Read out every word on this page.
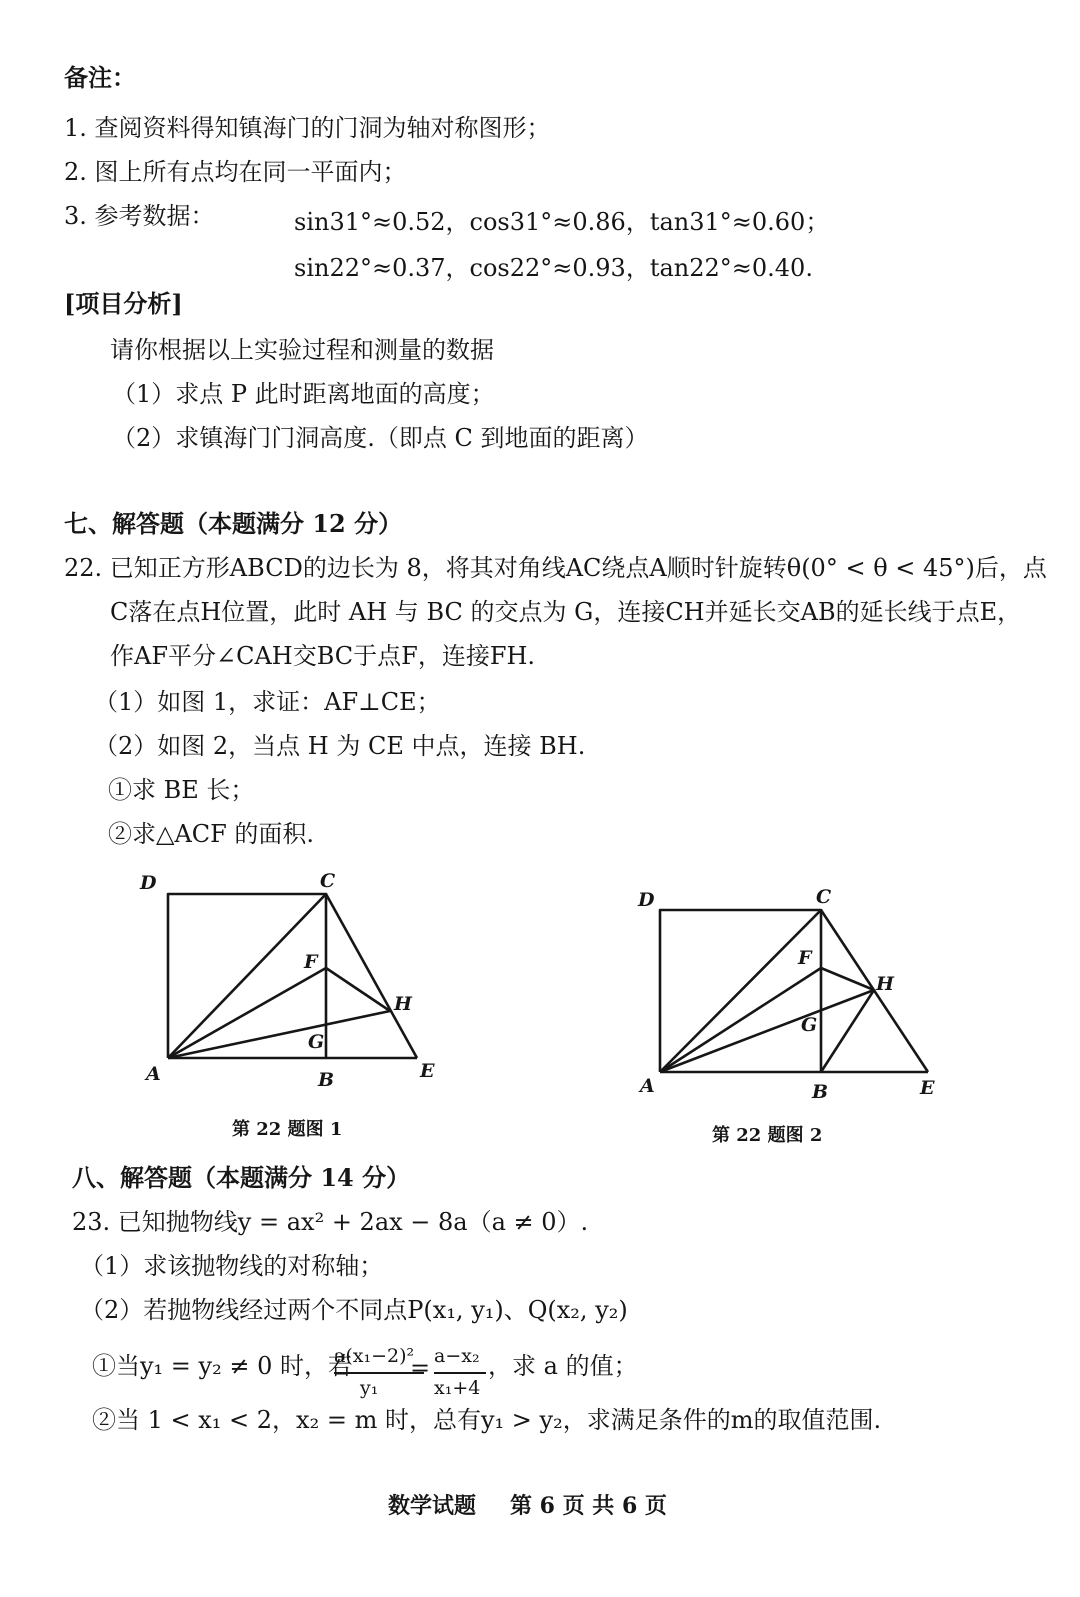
备注：
1. 查阅资料得知镇海门的门洞为轴对称图形；
2. 图上所有点均在同一平面内；
3. 参考数据：	sin31°≈0.52，cos31°≈0.86，tan31°≈0.60；
sin22°≈0.37，cos22°≈0.93，tan22°≈0.40.
[项目分析]
请你根据以上实验过程和测量的数据
（1）求点 P 此时距离地面的高度；
（2）求镇海门门洞高度.（即点 C 到地面的距离）
七、解答题（本题满分 12 分）
22. 已知正方形ABCD的边长为 8，将其对角线AC绕点A顺时针旋转θ(0° < θ < 45°)后，点
C落在点H位置，此时 AH 与 BC 的交点为 G，连接CH并延长交AB的延长线于点E，
作AF平分∠CAH交BC于点F，连接FH.
（1）如图 1，求证：AF⊥CE；
（2）如图 2，当点 H 为 CE 中点，连接 BH.
①求 BE 长；
②求△ACF 的面积.
A	B
C
D
E
F
G
H
第 22 题图 1
A	B
C
D
E
F
G
H
第 22 题图 2
八、解答题（本题满分 14 分）
23. 已知抛物线y = ax² + 2ax − 8a（a ≠ 0）.
（1）求该抛物线的对称轴；
（2）若抛物线经过两个不同点P(x₁, y₁)、Q(x₂, y₂)
①当y₁ = y₂ ≠ 0 时，若
a(x₁−2)²
y₁
= a−x₂
x₁+4
，求 a 的值；
②当 1 < x₁ < 2，x₂ = m 时，总有y₁ > y₂，求满足条件的m的取值范围.
数学试题 第 6 页 共 6 页
